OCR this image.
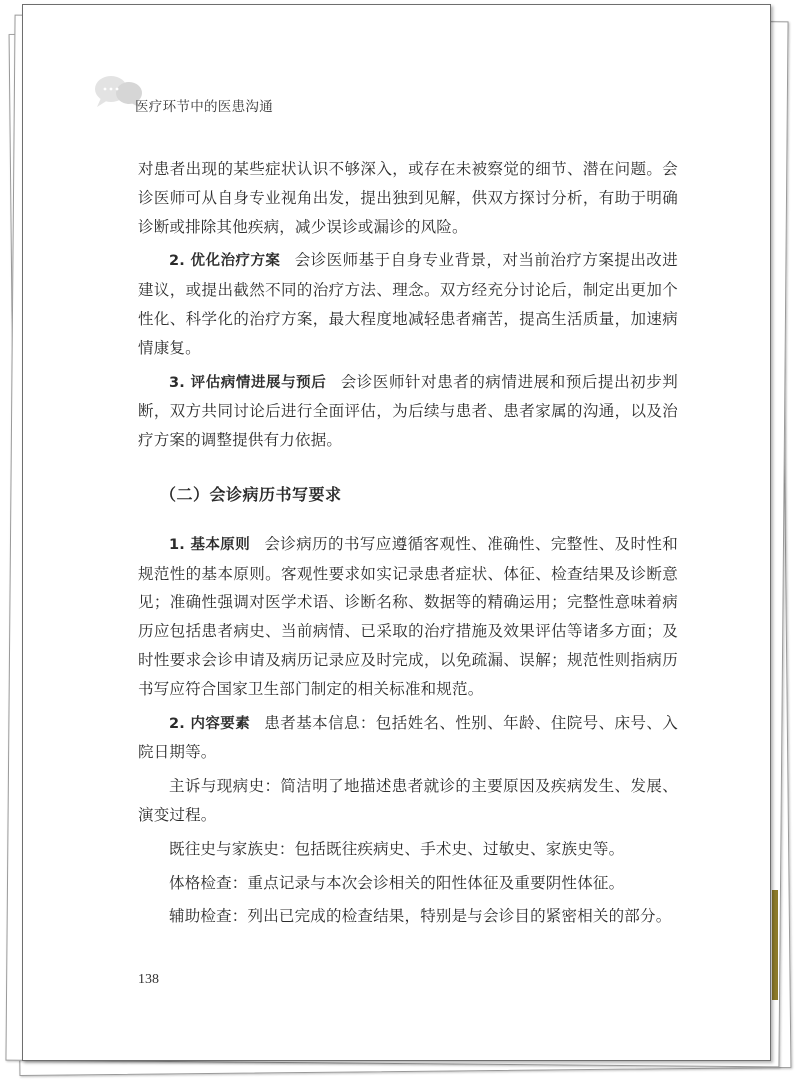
医疗环节中的医患沟通

对患者出现的某些症状认识不够深入，或存在未被察觉的细节、潜在问题。会诊医师可从自身专业视角出发，提出独到见解，供双方探讨分析，有助于明确诊断或排除其他疾病，减少误诊或漏诊的风险。

2. 优化治疗方案 会诊医师基于自身专业背景，对当前治疗方案提出改进建议，或提出截然不同的治疗方法、理念。双方经充分讨论后，制定出更加个性化、科学化的治疗方案，最大程度地减轻患者痛苦，提高生活质量，加速病情康复。

3. 评估病情进展与预后 会诊医师针对患者的病情进展和预后提出初步判断，双方共同讨论后进行全面评估，为后续与患者、患者家属的沟通，以及治疗方案的调整提供有力依据。

（二）会诊病历书写要求

1. 基本原则 会诊病历的书写应遵循客观性、准确性、完整性、及时性和规范性的基本原则。客观性要求如实记录患者症状、体征、检查结果及诊断意见；准确性强调对医学术语、诊断名称、数据等的精确运用；完整性意味着病历应包括患者病史、当前病情、已采取的治疗措施及效果评估等诸多方面；及时性要求会诊申请及病历记录应及时完成，以免疏漏、误解；规范性则指病历书写应符合国家卫生部门制定的相关标准和规范。

2. 内容要素 患者基本信息：包括姓名、性别、年龄、住院号、床号、入院日期等。

主诉与现病史：简洁明了地描述患者就诊的主要原因及疾病发生、发展、演变过程。

既往史与家族史：包括既往疾病史、手术史、过敏史、家族史等。

体格检查：重点记录与本次会诊相关的阳性体征及重要阴性体征。

辅助检查：列出已完成的检查结果，特别是与会诊目的紧密相关的部分。

138
